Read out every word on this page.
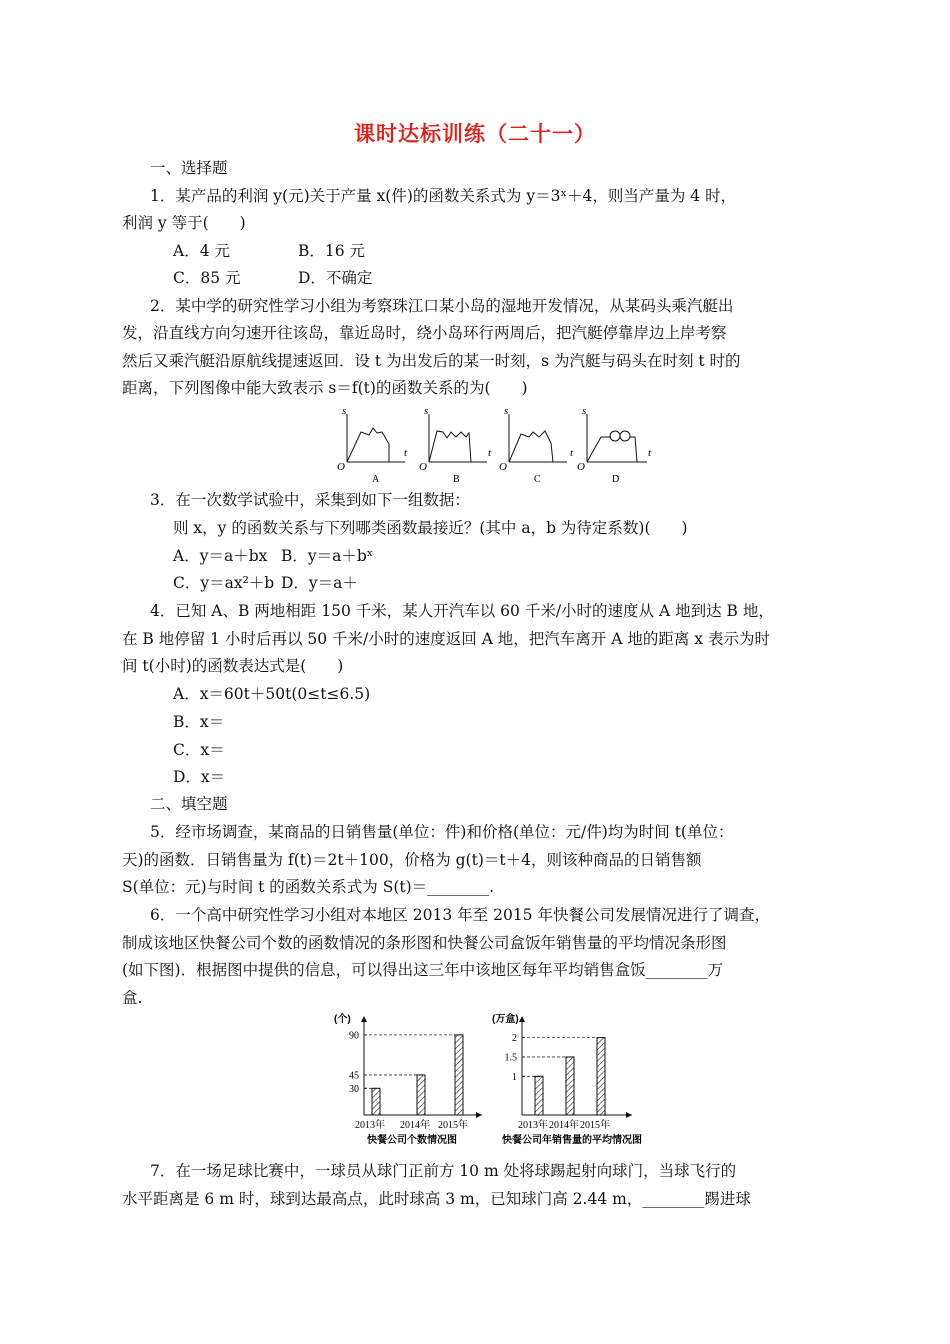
课时达标训练（二十一）
一、选择题
1．某产品的利润 y(元)关于产量 x(件)的函数关系式为 y＝3ˣ＋4，则当产量为 4 时，
利润 y 等于(　　)
A．4 元	B．16 元
C．85 元	D．不确定
2．某中学的研究性学习小组为考察珠江口某小岛的湿地开发情况，从某码头乘汽艇出
发，沿直线方向匀速开往该岛，靠近岛时，绕小岛环行两周后，把汽艇停靠岸边上岸考察
然后又乘汽艇沿原航线提速返回．设 t 为出发后的某一时刻，s 为汽艇与码头在时刻 t 时的
距离，下列图像中能大致表示 s＝f(t)的函数关系的为(　　)
s
t
O
A
s
t
O
B
s
t
O
C
s
t
O
D
3．在一次数学试验中，采集到如下一组数据：
则 x，y 的函数关系与下列哪类函数最接近？(其中 a，b 为待定系数)(　　)
A．y＝a＋bx B．y＝a＋bˣ
C．y＝ax²＋b D．y＝a＋
4．已知 A、B 两地相距 150 千米，某人开汽车以 60 千米/小时的速度从 A 地到达 B 地，
在 B 地停留 1 小时后再以 50 千米/小时的速度返回 A 地，把汽车离开 A 地的距离 x 表示为时
间 t(小时)的函数表达式是(　　)
A．x＝60t＋50t(0≤t≤6.5)
B．x＝
C．x＝
D．x＝
二、填空题
5．经市场调查，某商品的日销售量(单位：件)和价格(单位：元/件)均为时间 t(单位：
天)的函数．日销售量为 f(t)＝2t＋100，价格为 g(t)＝t＋4，则该种商品的日销售额
S(单位：元)与时间 t 的函数关系式为 S(t)＝________.
6．一个高中研究性学习小组对本地区 2013 年至 2015 年快餐公司发展情况进行了调查，
制成该地区快餐公司个数的函数情况的条形图和快餐公司盒饭年销售量的平均情况条形图
(如下图)．根据图中提供的信息，可以得出这三年中该地区每年平均销售盒饭________万
盒.
(个)
30
45
90
2013年 2014年 2015年
快餐公司个数情况图
(万盒)
1
1.5
2
2013年 2014年 2015年
快餐公司年销售量的平均情况图
7．在一场足球比赛中，一球员从球门正前方 10 m 处将球踢起射向球门，当球飞行的
水平距离是 6 m 时，球到达最高点，此时球高 3 m，已知球门高 2.44 m，________踢进球
